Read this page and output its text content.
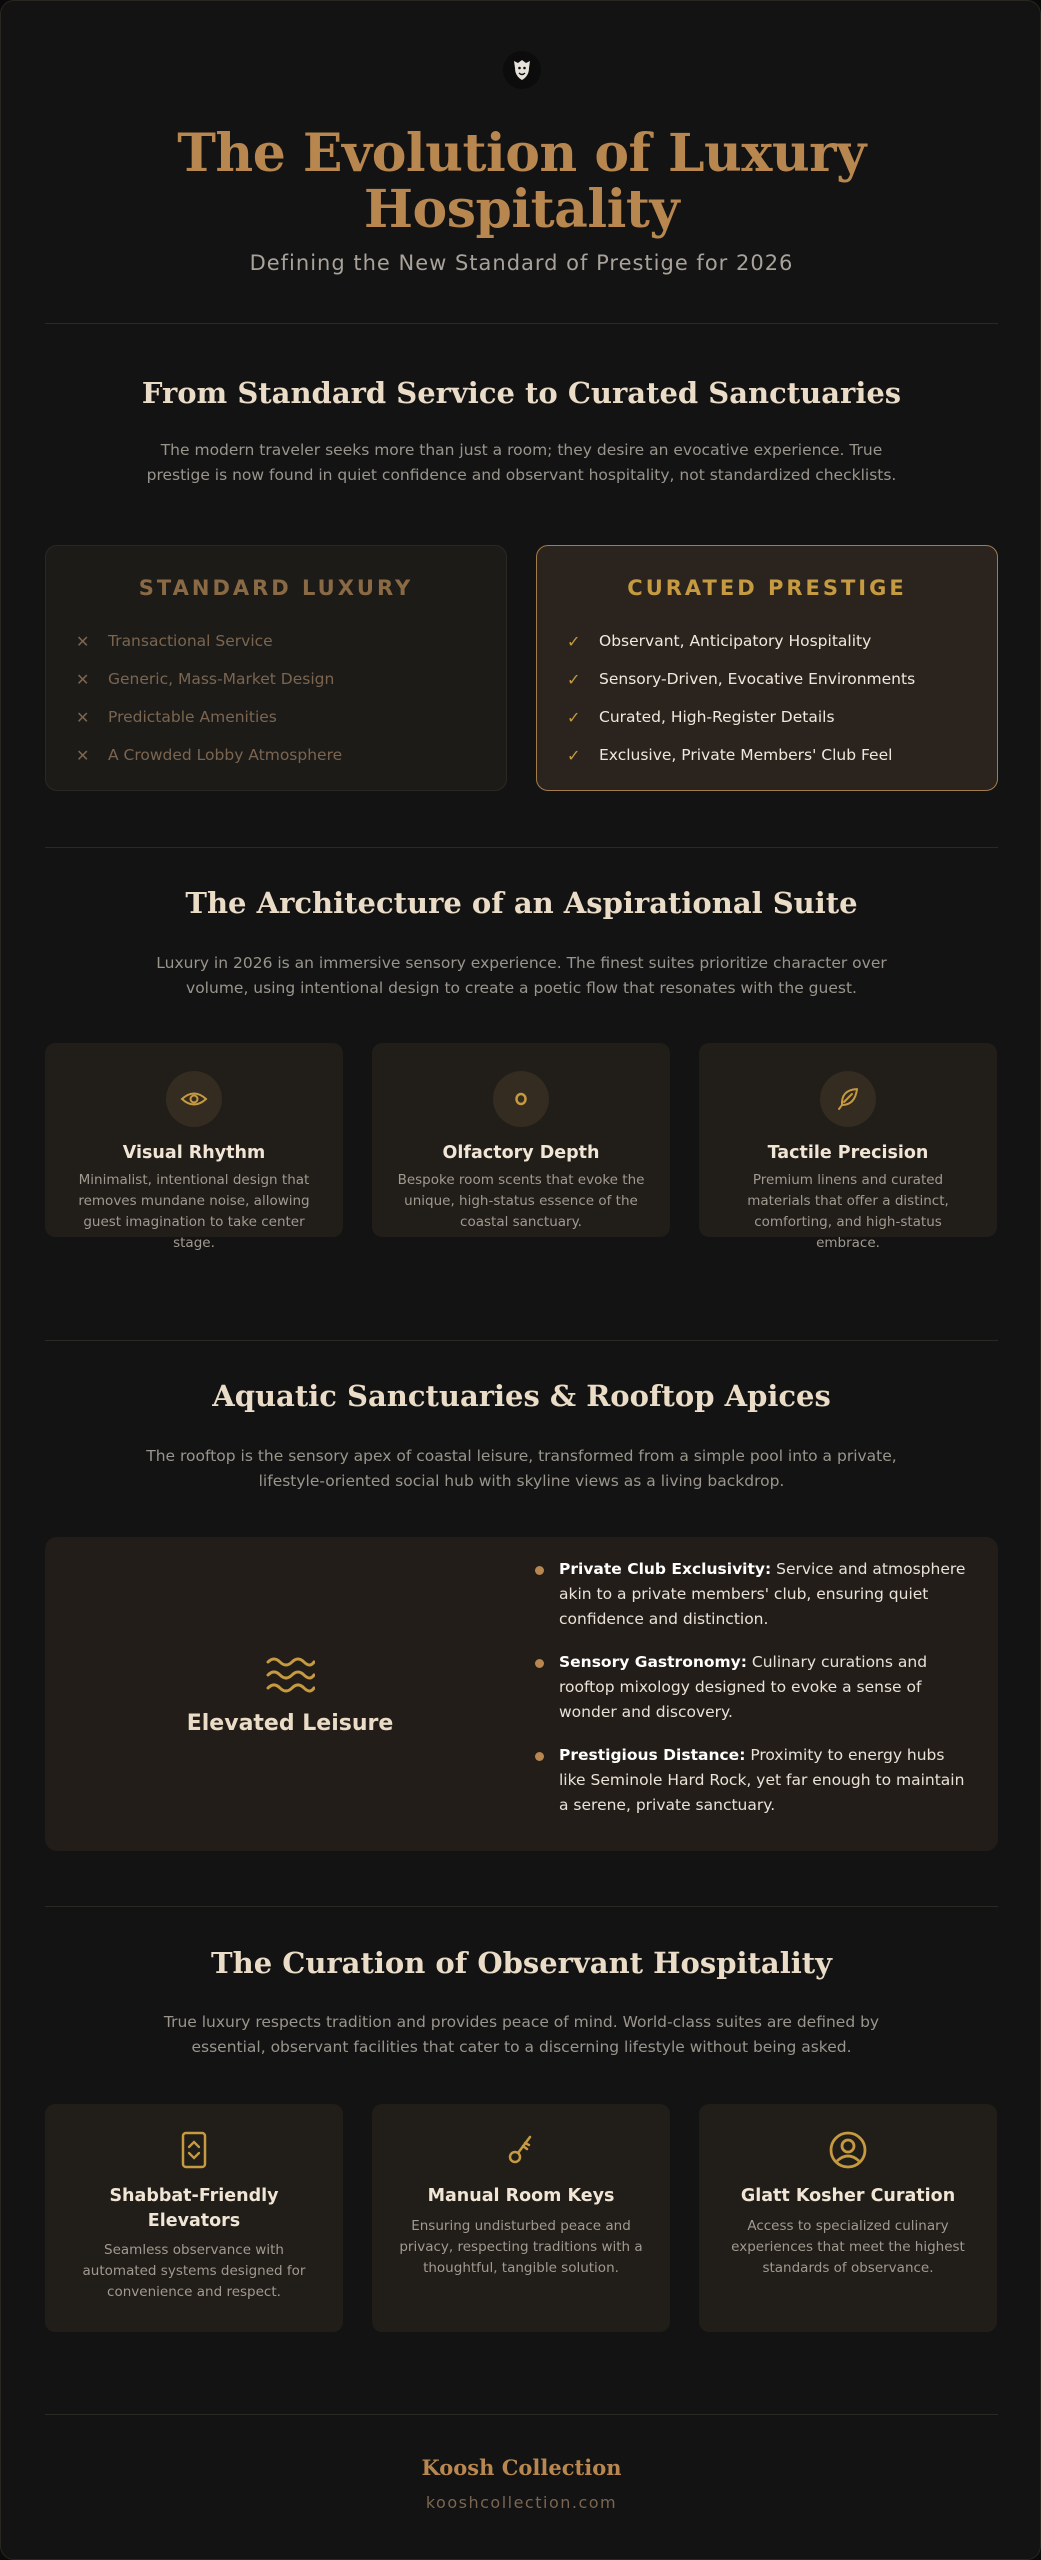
The Evolution of Luxury Hospitality
Defining the New Standard of Prestige for 2026
From Standard Service to Curated Sanctuaries

The modern traveler seeks more than just a room; they desire an evocative experience. True prestige is now found in quiet confidence and observant hospitality, not standardized checklists.

STANDARD LUXURY
✕	Transactional Service
✕	Generic, Mass-Market Design
✕	Predictable Amenities
✕	A Crowded Lobby Atmosphere
CURATED PRESTIGE
✓	Observant, Anticipatory Hospitality
✓	Sensory-Driven, Evocative Environments
✓	Curated, High-Register Details
✓	Exclusive, Private Members' Club Feel
The Architecture of an Aspirational Suite

Luxury in 2026 is an immersive sensory experience. The finest suites prioritize character over volume, using intentional design to create a poetic flow that resonates with the guest.

Visual Rhythm
Minimalist, intentional design that removes mundane noise, allowing guest imagination to take center stage.
Olfactory Depth
Bespoke room scents that evoke the unique, high-status essence of the coastal sanctuary.
Tactile Precision
Premium linens and curated materials that offer a distinct, comforting, and high-status embrace.
Aquatic Sanctuaries & Rooftop Apices

The rooftop is the sensory apex of coastal leisure, transformed from a simple pool into a private, lifestyle-oriented social hub with skyline views as a living backdrop.

Elevated Leisure
Private Club Exclusivity: Service and atmosphere akin to a private members' club, ensuring quiet confidence and distinction.
Sensory Gastronomy: Culinary curations and rooftop mixology designed to evoke a sense of wonder and discovery.
Prestigious Distance: Proximity to energy hubs like Seminole Hard Rock, yet far enough to maintain a serene, private sanctuary.
The Curation of Observant Hospitality

True luxury respects tradition and provides peace of mind. World-class suites are defined by essential, observant facilities that cater to a discerning lifestyle without being asked.

Shabbat-Friendly Elevators
Seamless observance with automated systems designed for convenience and respect.
Manual Room Keys
Ensuring undisturbed peace and privacy, respecting traditions with a thoughtful, tangible solution.
Glatt Kosher Curation
Access to specialized culinary experiences that meet the highest standards of observance.
Koosh Collection
kooshcollection.com
